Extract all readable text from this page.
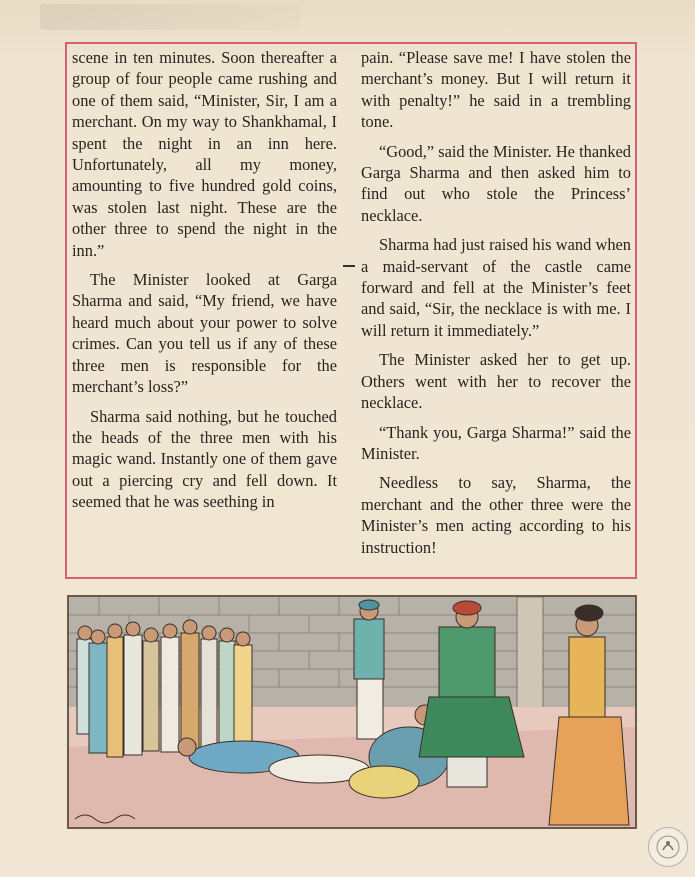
scene in ten minutes. Soon thereafter a group of four people came rushing and one of them said, “Minister, Sir, I am a merchant. On my way to Shankhamal, I spent the night in an inn here. Unfortunately, all my money, amounting to five hundred gold coins, was stolen last night. These are the other three to spend the night in the inn.”

The Minister looked at Garga Sharma and said, “My friend, we have heard much about your power to solve crimes. Can you tell us if any of these three men is responsible for the merchant’s loss?”

Sharma said nothing, but he touched the heads of the three men with his magic wand. Instantly one of them gave out a piercing cry and fell down. It seemed that he was seething in

pain. “Please save me! I have stolen the merchant’s money. But I will return it with penalty!” he said in a trembling tone.

“Good,” said the Minister. He thanked Garga Sharma and then asked him to find out who stole the Princess’ necklace.

Sharma had just raised his wand when a maid-servant of the castle came forward and fell at the Minister’s feet and said, “Sir, the necklace is with me. I will return it immediately.”

The Minister asked her to get up. Others went with her to recover the necklace.

“Thank you, Garga Sharma!” said the Minister.

Needless to say, Sharma, the merchant and the other three were the Minister’s men acting according to his instruction!
